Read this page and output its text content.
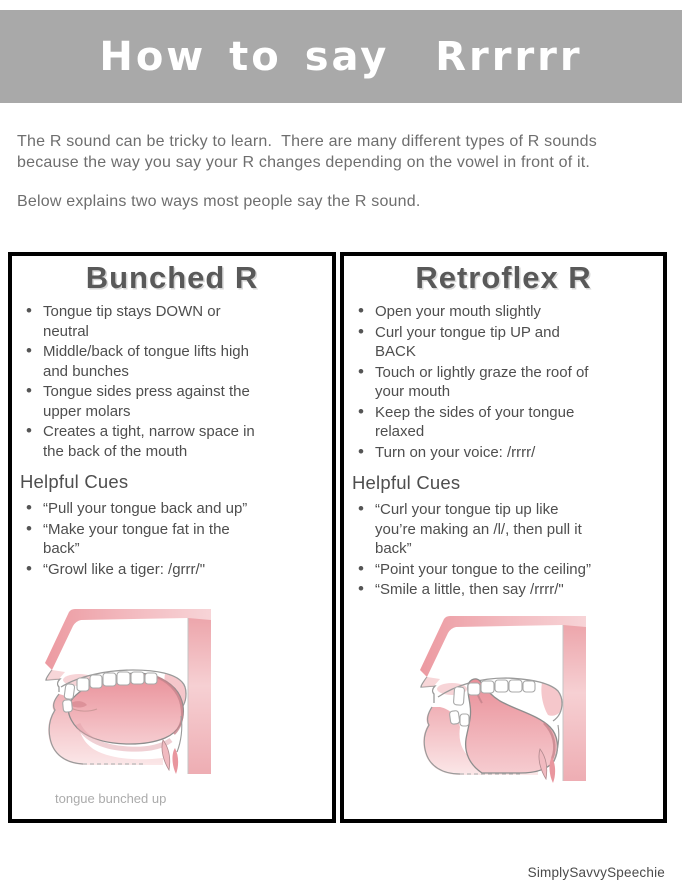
How to say  Rrrrrr
The R sound can be tricky to learn.  There are many different types of R sounds
because the way you say your R changes depending on the vowel in front of it.
Below explains two ways most people say the R sound.
Bunched R
• Tongue tip stays DOWN or
neutral
• Middle/back of tongue lifts high
and bunches
• Tongue sides press against the
upper molars
• Creates a tight, narrow space in
the back of the mouth
Helpful Cues
• “Pull your tongue back and up”
• “Make your tongue fat in the
back”
• “Growl like a tiger: /grrr/"
tongue bunched up
Retroflex R
• Open your mouth slightly
• Curl your tongue tip UP and
BACK
• Touch or lightly graze the roof of
your mouth
• Keep the sides of your tongue
relaxed
• Turn on your voice: /rrrr/
Helpful Cues
• “Curl your tongue tip up like
you’re making an /l/, then pull it
back”
• “Point your tongue to the ceiling”
• “Smile a little, then say /rrrr/"
SimplySavvySpeechie
